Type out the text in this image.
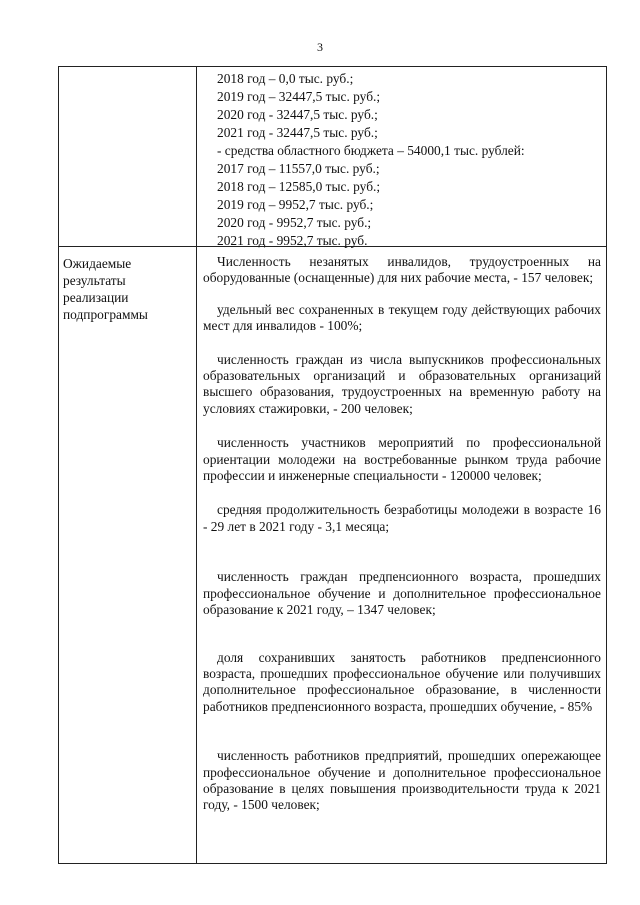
3
2018 год – 0,0 тыс. руб.;
2019 год – 32447,5 тыс. руб.;
2020 год - 32447,5 тыс. руб.;
2021 год - 32447,5 тыс. руб.;
- средства областного бюджета – 54000,1 тыс. рублей:
2017 год – 11557,0 тыс. руб.;
2018 год – 12585,0 тыс. руб.;
2019 год – 9952,7 тыс. руб.;
2020 год - 9952,7 тыс. руб.;
2021 год - 9952,7 тыс. руб.
Ожидаемые результаты реализации подпрограммы

Численность незанятых инвалидов, трудоустроенных на оборудованные (оснащенные) для них рабочие места, - 157 человек;

удельный вес сохраненных в текущем году действующих рабочих мест для инвалидов - 100%;

численность граждан из числа выпускников профессиональных образовательных организаций и образовательных организаций высшего образования, трудоустроенных на временную работу на условиях стажировки, - 200 человек;

численность участников мероприятий по профессиональной ориентации молодежи на востребованные рынком труда рабочие профессии и инженерные специальности - 120000 человек;

средняя продолжительность безработицы молодежи в возрасте 16 - 29 лет в 2021 году - 3,1 месяца;

численность граждан предпенсионного возраста, прошедших профессиональное обучение и дополнительное профессиональное образование к 2021 году, – 1347 человек;

доля сохранивших занятость работников предпенсионного возраста, прошедших профессиональное обучение или получивших дополнительное профессиональное образование, в численности работников предпенсионного возраста, прошедших обучение, - 85%

численность работников предприятий, прошедших опережающее профессиональное обучение и дополнительное профессиональное образование в целях повышения производительности труда к 2021 году, - 1500 человек;
